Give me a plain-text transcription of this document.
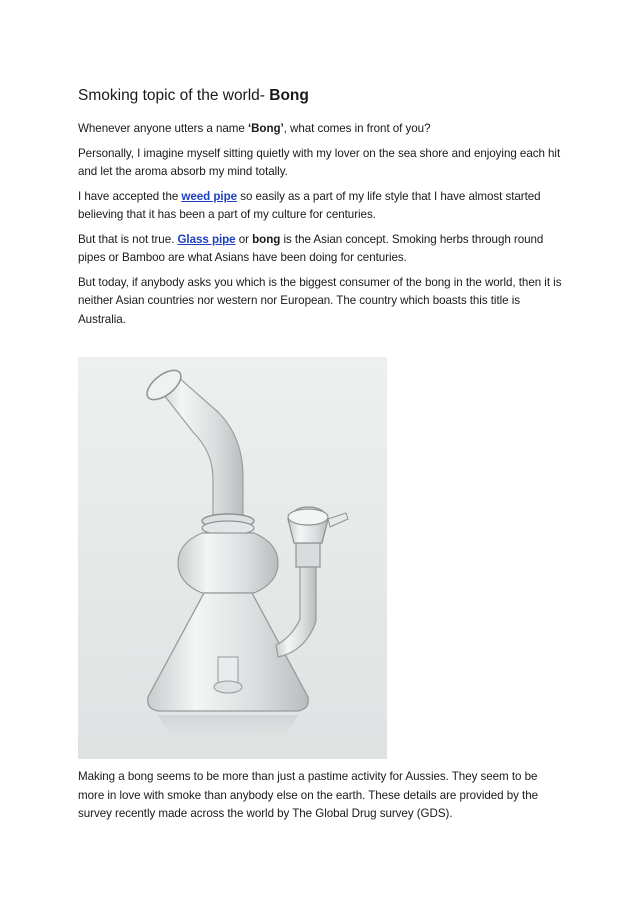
Smoking topic of the world- Bong

Whenever anyone utters a name ‘Bong’, what comes in front of you?

Personally, I imagine myself sitting quietly with my lover on the sea shore and enjoying each hit and let the aroma absorb my mind totally.

I have accepted the weed pipe so easily as a part of my life style that I have almost started believing that it has been a part of my culture for centuries.

But that is not true. Glass pipe or bong is the Asian concept. Smoking herbs through round pipes or Bamboo are what Asians have been doing for centuries.

But today, if anybody asks you which is the biggest consumer of the bong in the world, then it is neither Asian countries nor western nor European. The country which boasts this title is Australia.

Making a bong seems to be more than just a pastime activity for Aussies. They seem to be more in love with smoke than anybody else on the earth. These details are provided by the survey recently made across the world by The Global Drug survey (GDS).
